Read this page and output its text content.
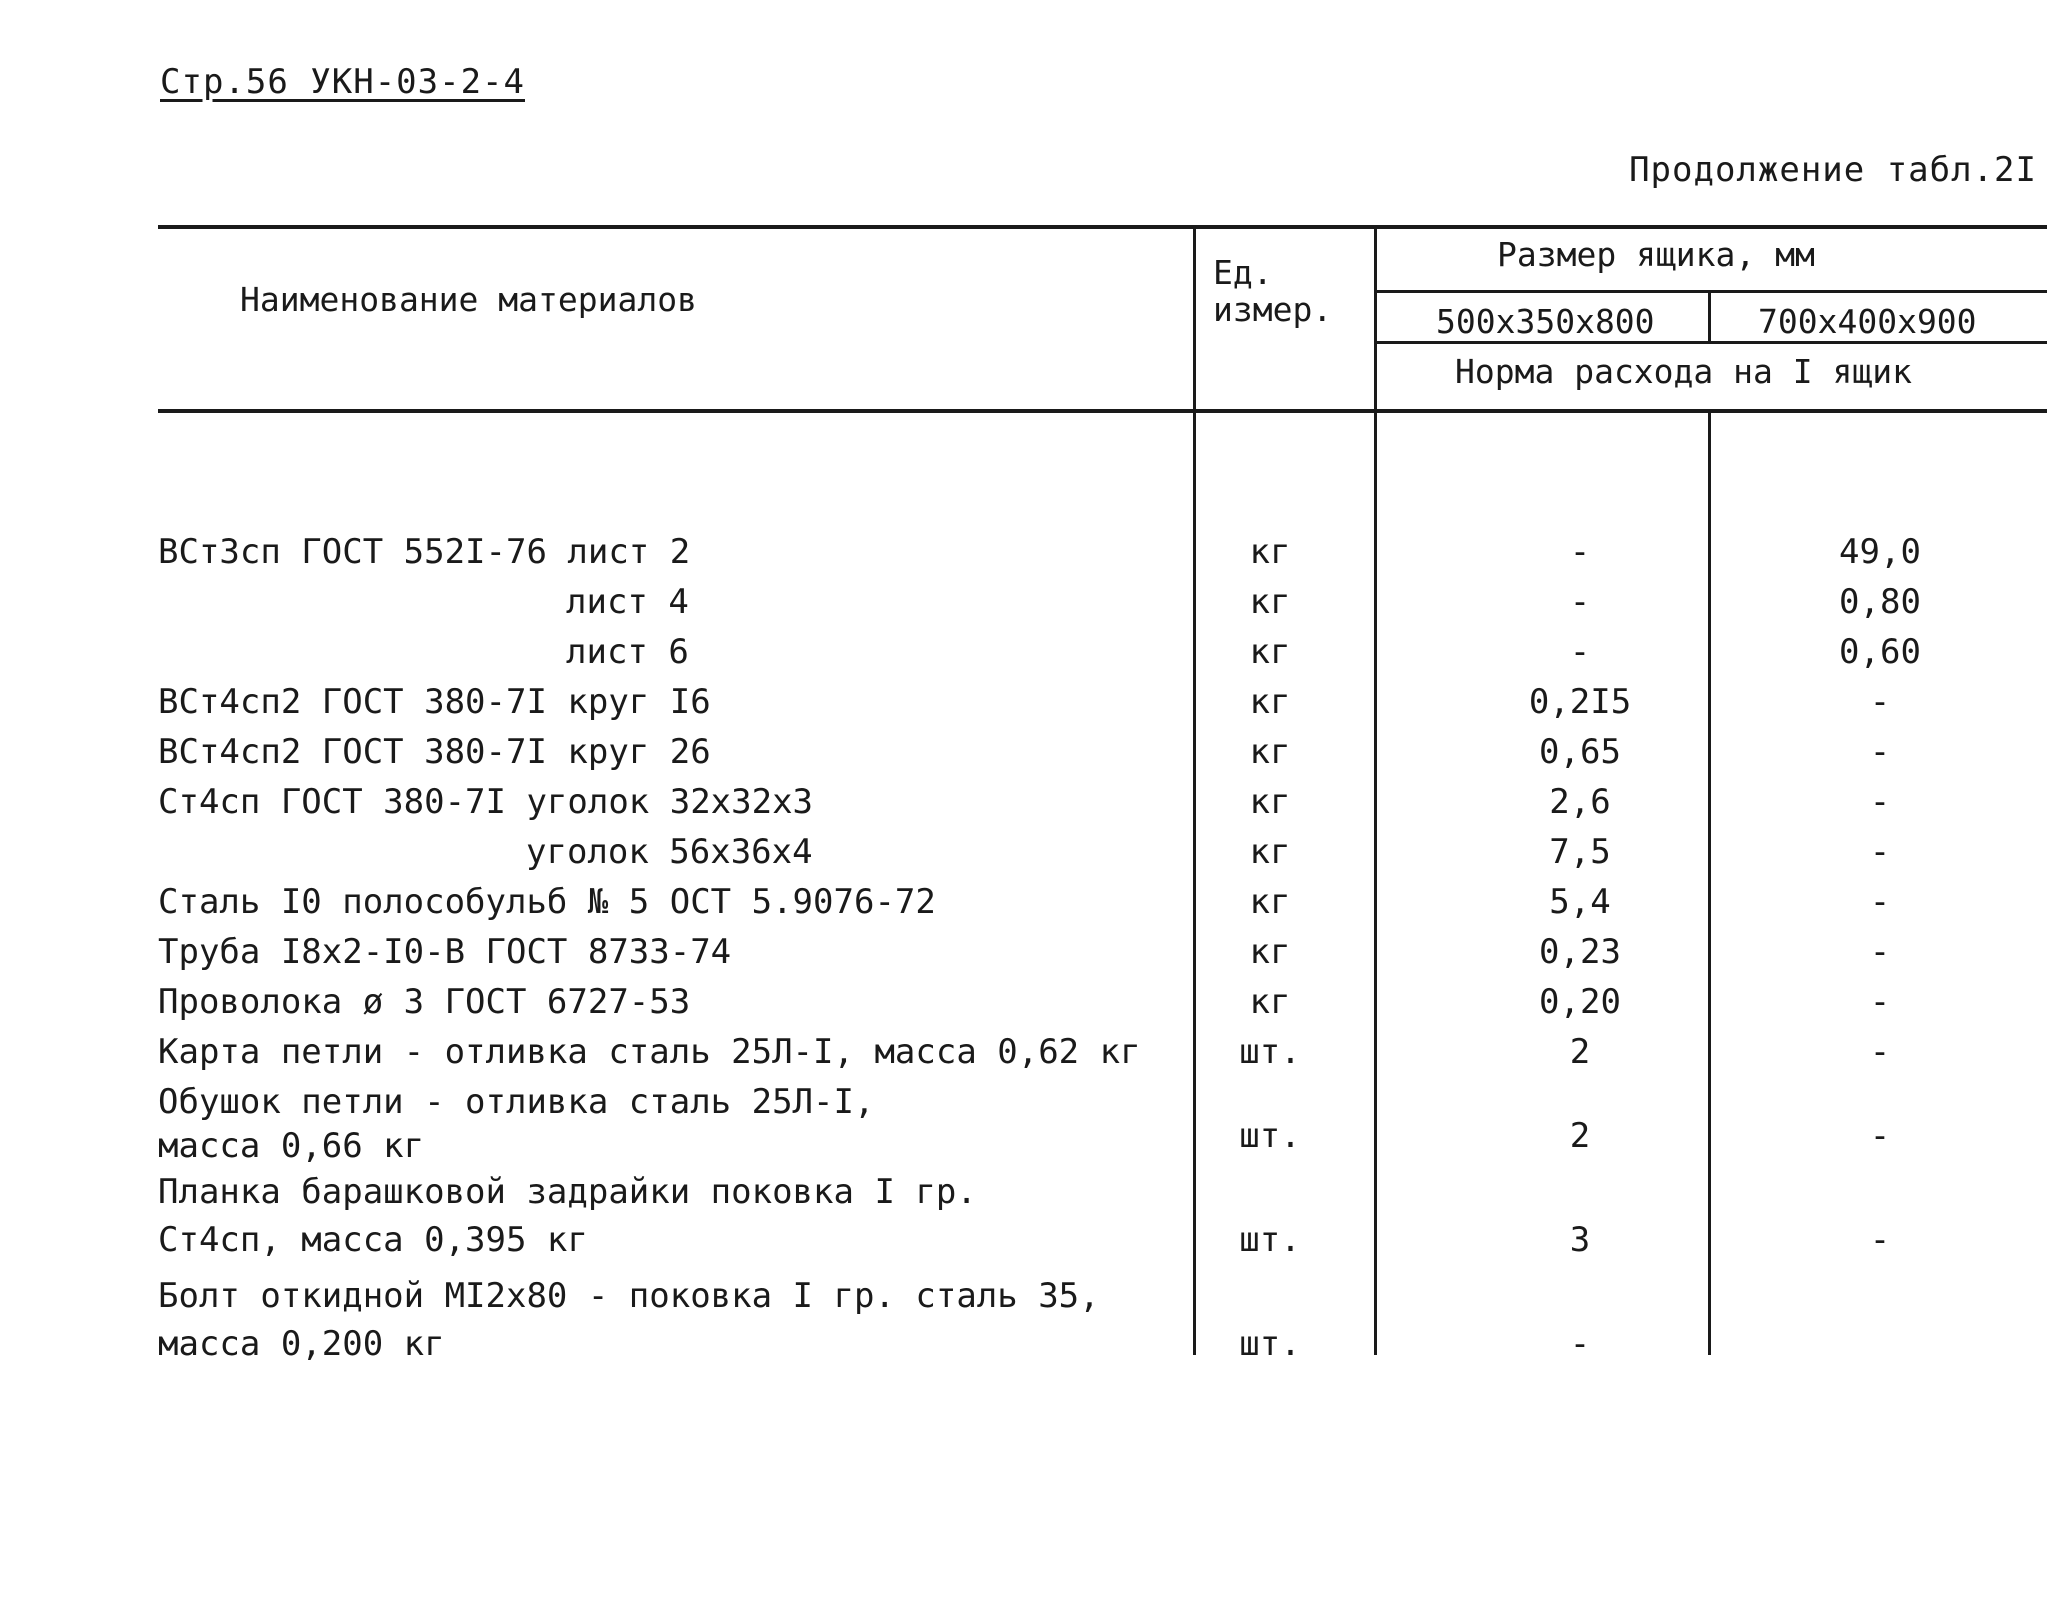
Стр.56 УКН-03-2-4
Продолжение табл.2I
Наименование материалов
Ед.
измер.
Размер ящика, мм
500x350x800	700x400x900
Норма расхода на I ящик
ВСт3сп ГОСТ 552I-76 лист 2	кг	-	49,0
лист 4	кг	-	0,80
лист 6	кг	-	0,60
ВСт4сп2 ГОСТ 380-7I круг I6	кг	0,2I5	-
ВСт4сп2 ГОСТ 380-7I круг 26	кг	0,65	-
Ст4сп ГОСТ 380-7I уголок 32x32x3	кг	2,6	-
уголок 56x36x4	кг	7,5	-
Сталь I0 полособульб № 5 ОСТ 5.9076-72	кг	5,4	-
Труба I8x2-I0-В ГОСТ 8733-74	кг	0,23	-
Проволока ø 3 ГОСТ 6727-53	кг	0,20	-
Карта петли - отливка сталь 25Л-I, масса 0,62 кг	шт.	2	-
Обушок петли - отливка сталь 25Л-I,
масса 0,66 кг	шт.	2	-
Планка барашковой задрайки поковка I гр.
Ст4сп, масса 0,395 кг	шт.	3	-
Болт откидной МI2x80 - поковка I гр. сталь 35,
масса 0,200 кг	шт.	-
